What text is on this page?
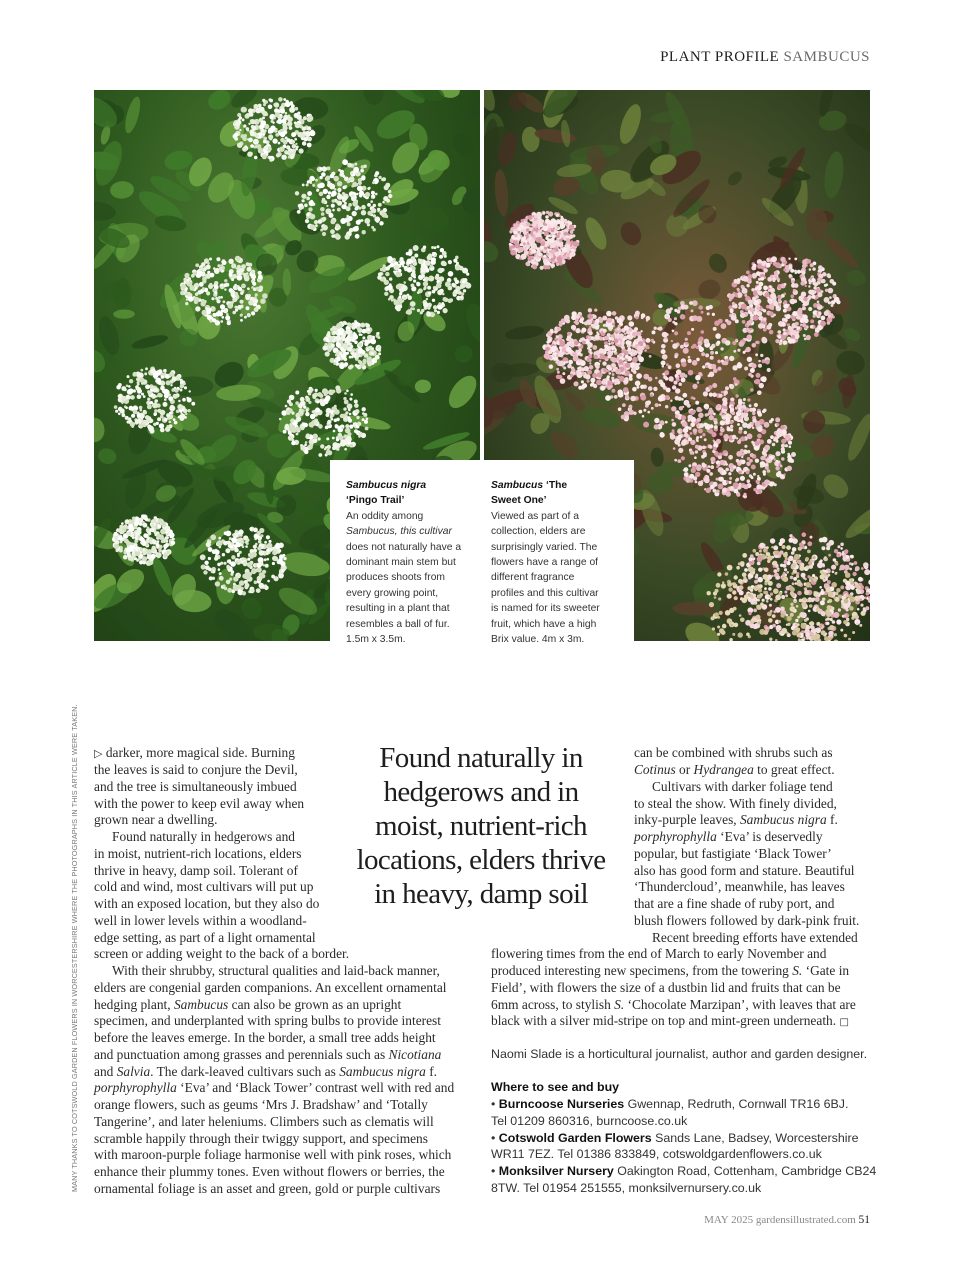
PLANT PROFILE SAMBUCUS
Sambucus nigra
‘Pingo Trail’
An oddity among
Sambucus, this cultivar
does not naturally have a
dominant main stem but
produces shoots from
every growing point,
resulting in a plant that
resembles a ball of fur.
1.5m x 3.5m.
Sambucus ‘The
Sweet One’
Viewed as part of a
collection, elders are
surprisingly varied. The
flowers have a range of
different fragrance
profiles and this cultivar
is named for its sweeter
fruit, which have a high
Brix value. 4m x 3m.
MANY THANKS TO COTSWOLD GARDEN FLOWERS IN WORCESTERSHIRE WHERE THE PHOTOGRAPHS IN THIS ARTICLE WERE TAKEN. ▷ darker, more magical side. Burning
the leaves is said to conjure the Devil,
and the tree is simultaneously imbued
with the power to keep evil away when
grown near a dwelling.
Found naturally in hedgerows and
in moist, nutrient-rich locations, elders
thrive in heavy, damp soil. Tolerant of
cold and wind, most cultivars will put up
with an exposed location, but they also do
well in lower levels within a woodland-
edge setting, as part of a light ornamental
screen or adding weight to the back of a border.
With their shrubby, structural qualities and laid-back manner,
elders are congenial garden companions. An excellent ornamental
hedging plant, Sambucus can also be grown as an upright
specimen, and underplanted with spring bulbs to provide interest
before the leaves emerge. In the border, a small tree adds height
and punctuation among grasses and perennials such as Nicotiana
and Salvia. The dark-leaved cultivars such as Sambucus nigra f.
porphyrophylla ‘Eva’ and ‘Black Tower’ contrast well with red and
orange flowers, such as geums ‘Mrs J. Bradshaw’ and ‘Totally
Tangerine’, and later heleniums. Climbers such as clematis will
scramble happily through their twiggy support, and specimens
with maroon-purple foliage harmonise well with pink roses, which
enhance their plummy tones. Even without flowers or berries, the
ornamental foliage is an asset and green, gold or purple cultivars
Found naturally in
hedgerows and in
moist, nutrient-rich
locations, elders thrive
in heavy, damp soil
can be combined with shrubs such as
Cotinus or Hydrangea to great effect.
Cultivars with darker foliage tend
to steal the show. With finely divided,
inky-purple leaves, Sambucus nigra f.
porphyrophylla ‘Eva’ is deservedly
popular, but fastigiate ‘Black Tower’
also has good form and stature. Beautiful
‘Thundercloud’, meanwhile, has leaves
that are a fine shade of ruby port, and
blush flowers followed by dark-pink fruit.
Recent breeding efforts have extended
flowering times from the end of March to early November and
produced interesting new specimens, from the towering S. ‘Gate in
Field’, with flowers the size of a dustbin lid and fruits that can be
6mm across, to stylish S. ‘Chocolate Marzipan’, with leaves that are
black with a silver mid-stripe on top and mint-green underneath. □
Naomi Slade is a horticultural journalist, author and garden designer.
Where to see and buy
• Burncoose Nurseries Gwennap, Redruth, Cornwall TR16 6BJ.
Tel 01209 860316, burncoose.co.uk
• Cotswold Garden Flowers Sands Lane, Badsey, Worcestershire
WR11 7EZ. Tel 01386 833849, cotswoldgardenflowers.co.uk
• Monksilver Nursery Oakington Road, Cottenham, Cambridge CB24
8TW. Tel 01954 251555, monksilvernursery.co.uk
MAY 2025 gardensillustrated.com 51
